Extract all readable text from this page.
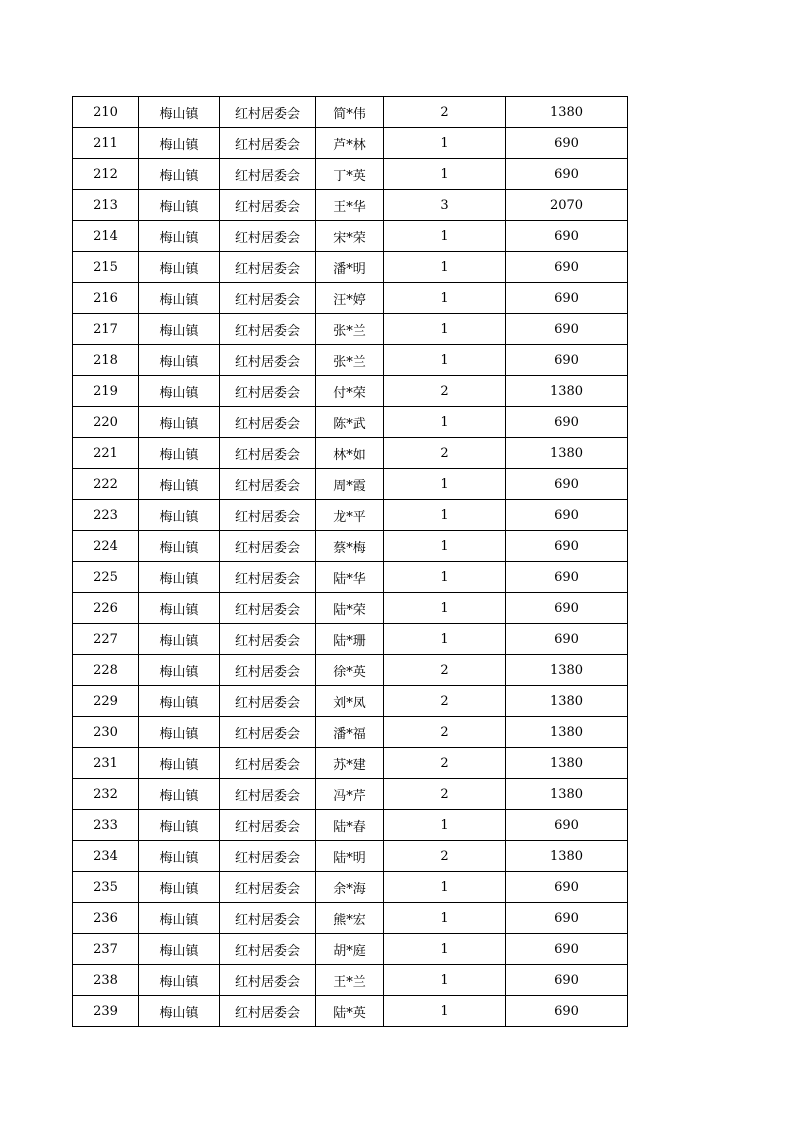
210	梅山镇	红村居委会	简*伟	2	1380
211	梅山镇	红村居委会	芦*林	1	690
212	梅山镇	红村居委会	丁*英	1	690
213	梅山镇	红村居委会	王*华	3	2070
214	梅山镇	红村居委会	宋*荣	1	690
215	梅山镇	红村居委会	潘*明	1	690
216	梅山镇	红村居委会	汪*婷	1	690
217	梅山镇	红村居委会	张*兰	1	690
218	梅山镇	红村居委会	张*兰	1	690
219	梅山镇	红村居委会	付*荣	2	1380
220	梅山镇	红村居委会	陈*武	1	690
221	梅山镇	红村居委会	林*如	2	1380
222	梅山镇	红村居委会	周*霞	1	690
223	梅山镇	红村居委会	龙*平	1	690
224	梅山镇	红村居委会	蔡*梅	1	690
225	梅山镇	红村居委会	陆*华	1	690
226	梅山镇	红村居委会	陆*荣	1	690
227	梅山镇	红村居委会	陆*珊	1	690
228	梅山镇	红村居委会	徐*英	2	1380
229	梅山镇	红村居委会	刘*凤	2	1380
230	梅山镇	红村居委会	潘*福	2	1380
231	梅山镇	红村居委会	苏*建	2	1380
232	梅山镇	红村居委会	冯*芹	2	1380
233	梅山镇	红村居委会	陆*春	1	690
234	梅山镇	红村居委会	陆*明	2	1380
235	梅山镇	红村居委会	余*海	1	690
236	梅山镇	红村居委会	熊*宏	1	690
237	梅山镇	红村居委会	胡*庭	1	690
238	梅山镇	红村居委会	王*兰	1	690
239	梅山镇	红村居委会	陆*英	1	690
